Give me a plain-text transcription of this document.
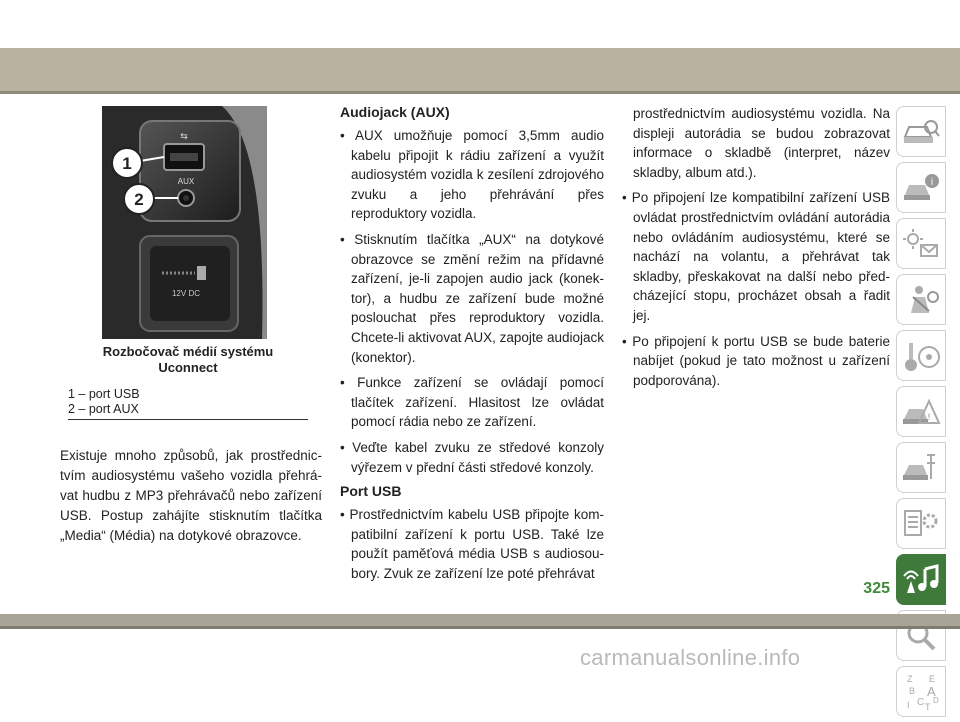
⇆
AUX
12V DC
1
2
Rozbočovač médií systému
Uconnect
1 – port USB
2 – port AUX

Existuje mnoho způsobů, jak prostřednic-tvím audiosystému vašeho vozidla přehrá-vat hudbu z MP3 přehrávačů nebo zařízení USB. Postup zahájíte stisknutím tlačítka „Media“ (Média) na dotykové obrazovce.

Audiojack (AUX)
• AUX umožňuje pomocí 3,5mm audio kabelu připojit k rádiu zařízení a využít audiosystém vozidla k zesílení zdrojového zvuku a jeho přehrávání přes reproduktory vozidla.
• Stisknutím tlačítka „AUX“ na dotykové obrazovce se změní režim na přídavné zařízení, je-li zapojen audio jack (konek-tor), a hudbu ze zařízení bude možné poslouchat přes reproduktory vozidla. Chcete-li aktivovat AUX, zapojte audiojack (konektor).
• Funkce zařízení se ovládají pomocí tlačítek zařízení. Hlasitost lze ovládat pomocí rádia nebo ze zařízení.
• Veďte kabel zvuku ze středové konzoly výřezem v přední části středové konzoly.
Port USB
• Prostřednictvím kabelu USB připojte kom-patibilní zařízení k portu USB. Také lze použít paměťová média USB s audiosou-bory. Zvuk ze zařízení lze poté přehrávat

prostřednictvím audiosystému vozidla. Na displeji autorádia se budou zobrazovat informace o skladbě (interpret, název skladby, album atd.).

• Po připojení lze kompatibilní zařízení USB ovládat prostřednictvím ovládání autorádia nebo ovládáním audiosystému, které se nachází na volantu, a přehrávat tak skladby, přeskakovat na další nebo před-cházející stopu, procházet obsah a řadit jej.
• Po připojení k portu USB se bude baterie nabíjet (pokud je tato možnost u zařízení podporována).
i
!
Z E
B A
D
C T
I
325
carmanualsonline.info
